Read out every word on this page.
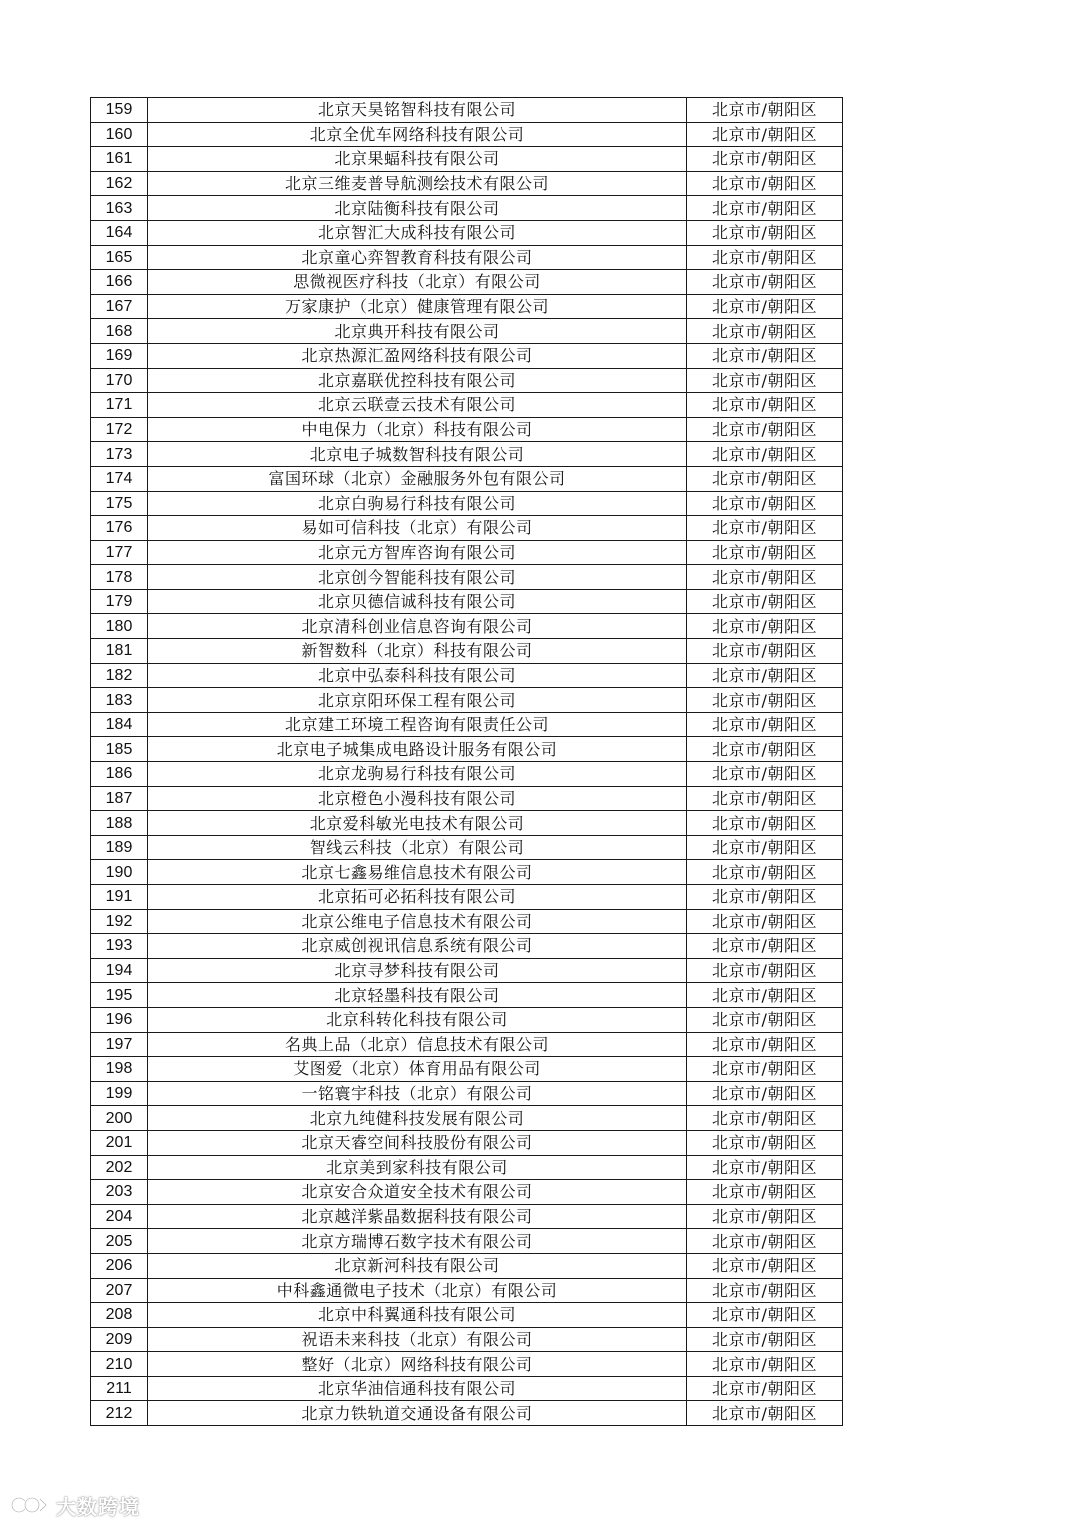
159	北京天昊铭智科技有限公司	北京市/朝阳区
160	北京全优车网络科技有限公司	北京市/朝阳区
161	北京果蝠科技有限公司	北京市/朝阳区
162	北京三维麦普导航测绘技术有限公司	北京市/朝阳区
163	北京陆衡科技有限公司	北京市/朝阳区
164	北京智汇大成科技有限公司	北京市/朝阳区
165	北京童心弈智教育科技有限公司	北京市/朝阳区
166	思微视医疗科技（北京）有限公司	北京市/朝阳区
167	万家康护（北京）健康管理有限公司	北京市/朝阳区
168	北京典开科技有限公司	北京市/朝阳区
169	北京热源汇盈网络科技有限公司	北京市/朝阳区
170	北京嘉联优控科技有限公司	北京市/朝阳区
171	北京云联壹云技术有限公司	北京市/朝阳区
172	中电保力（北京）科技有限公司	北京市/朝阳区
173	北京电子城数智科技有限公司	北京市/朝阳区
174	富国环球（北京）金融服务外包有限公司	北京市/朝阳区
175	北京白驹易行科技有限公司	北京市/朝阳区
176	易如可信科技（北京）有限公司	北京市/朝阳区
177	北京元方智库咨询有限公司	北京市/朝阳区
178	北京创今智能科技有限公司	北京市/朝阳区
179	北京贝德信诚科技有限公司	北京市/朝阳区
180	北京清科创业信息咨询有限公司	北京市/朝阳区
181	新智数科（北京）科技有限公司	北京市/朝阳区
182	北京中弘泰科科技有限公司	北京市/朝阳区
183	北京京阳环保工程有限公司	北京市/朝阳区
184	北京建工环境工程咨询有限责任公司	北京市/朝阳区
185	北京电子城集成电路设计服务有限公司	北京市/朝阳区
186	北京龙驹易行科技有限公司	北京市/朝阳区
187	北京橙色小漫科技有限公司	北京市/朝阳区
188	北京爱科敏光电技术有限公司	北京市/朝阳区
189	智线云科技（北京）有限公司	北京市/朝阳区
190	北京七鑫易维信息技术有限公司	北京市/朝阳区
191	北京拓可必拓科技有限公司	北京市/朝阳区
192	北京公维电子信息技术有限公司	北京市/朝阳区
193	北京威创视讯信息系统有限公司	北京市/朝阳区
194	北京寻梦科技有限公司	北京市/朝阳区
195	北京轻墨科技有限公司	北京市/朝阳区
196	北京科转化科技有限公司	北京市/朝阳区
197	名典上品（北京）信息技术有限公司	北京市/朝阳区
198	艾图爱（北京）体育用品有限公司	北京市/朝阳区
199	一铭寰宇科技（北京）有限公司	北京市/朝阳区
200	北京九纯健科技发展有限公司	北京市/朝阳区
201	北京天睿空间科技股份有限公司	北京市/朝阳区
202	北京美到家科技有限公司	北京市/朝阳区
203	北京安合众道安全技术有限公司	北京市/朝阳区
204	北京越洋紫晶数据科技有限公司	北京市/朝阳区
205	北京方瑞博石数字技术有限公司	北京市/朝阳区
206	北京新河科技有限公司	北京市/朝阳区
207	中科鑫通微电子技术（北京）有限公司	北京市/朝阳区
208	北京中科翼通科技有限公司	北京市/朝阳区
209	祝语未来科技（北京）有限公司	北京市/朝阳区
210	整好（北京）网络科技有限公司	北京市/朝阳区
211	北京华油信通科技有限公司	北京市/朝阳区
212	北京力铁轨道交通设备有限公司	北京市/朝阳区
大数跨境
